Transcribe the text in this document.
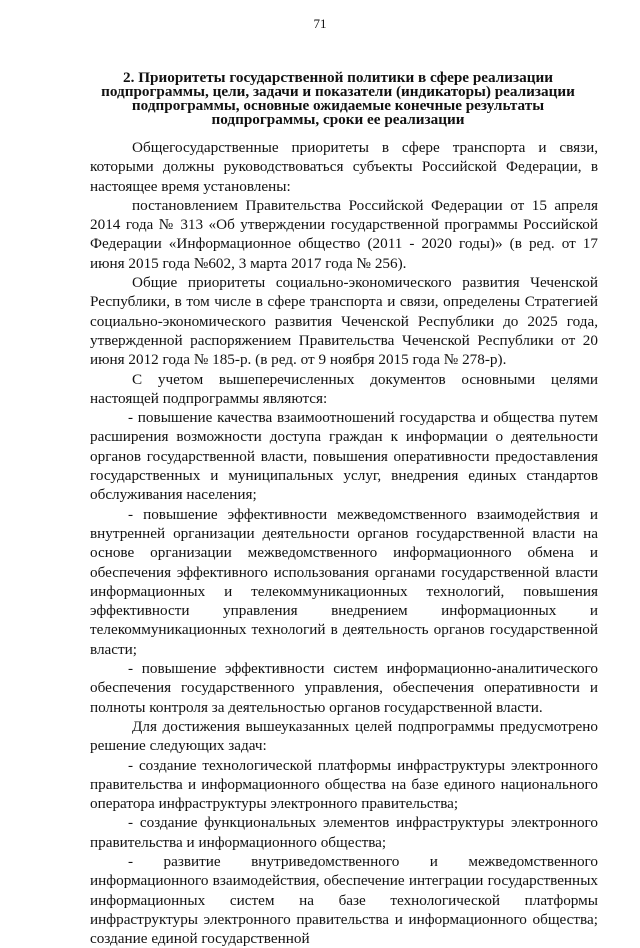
71
2. Приоритеты государственной политики в сфере реализации
подпрограммы, цели, задачи и показатели (индикаторы) реализации
подпрограммы, основные ожидаемые конечные результаты
подпрограммы, сроки ее реализации

Общегосударственные приоритеты в сфере транспорта и связи, которыми должны руководствоваться субъекты Российской Федерации, в настоящее время установлены:

постановлением Правительства Российской Федерации от 15 апреля 2014 года № 313 «Об утверждении государственной программы Российской Федерации «Информационное общество (2011 - 2020 годы)» (в ред. от 17 июня 2015 года №602, 3 марта 2017 года № 256).

Общие приоритеты социально-экономического развития Чеченской Республики, в том числе в сфере транспорта и связи, определены Стратегией социально-экономического развития Чеченской Республики до 2025 года, утвержденной распоряжением Правительства Чеченской Республики от 20 июня 2012 года № 185-р. (в ред. от 9 ноября 2015 года № 278-р).

С учетом вышеперечисленных документов основными целями настоящей подпрограммы являются:

- повышение качества взаимоотношений государства и общества путем расширения возможности доступа граждан к информации о деятельности органов государственной власти, повышения оперативности предоставления государственных и муниципальных услуг, внедрения единых стандартов обслуживания населения;

- повышение эффективности межведомственного взаимодействия и внутренней организации деятельности органов государственной власти на основе организации межведомственного информационного обмена и обеспечения эффективного использования органами государственной власти информационных и телекоммуникационных технологий, повышения эффективности управления внедрением информационных и телекоммуникационных технологий в деятельность органов государственной власти;

- повышение эффективности систем информационно-аналитического обеспечения государственного управления, обеспечения оперативности и полноты контроля за деятельностью органов государственной власти.

Для достижения вышеуказанных целей подпрограммы предусмотрено решение следующих задач:

- создание технологической платформы инфраструктуры электронного правительства и информационного общества на базе единого национального оператора инфраструктуры электронного правительства;

- создание функциональных элементов инфраструктуры электронного правительства и информационного общества;

- развитие внутриведомственного и межведомственного информационного взаимодействия, обеспечение интеграции государственных информационных систем на базе технологической платформы инфраструктуры электронного правительства и информационного общества; создание единой государственной
